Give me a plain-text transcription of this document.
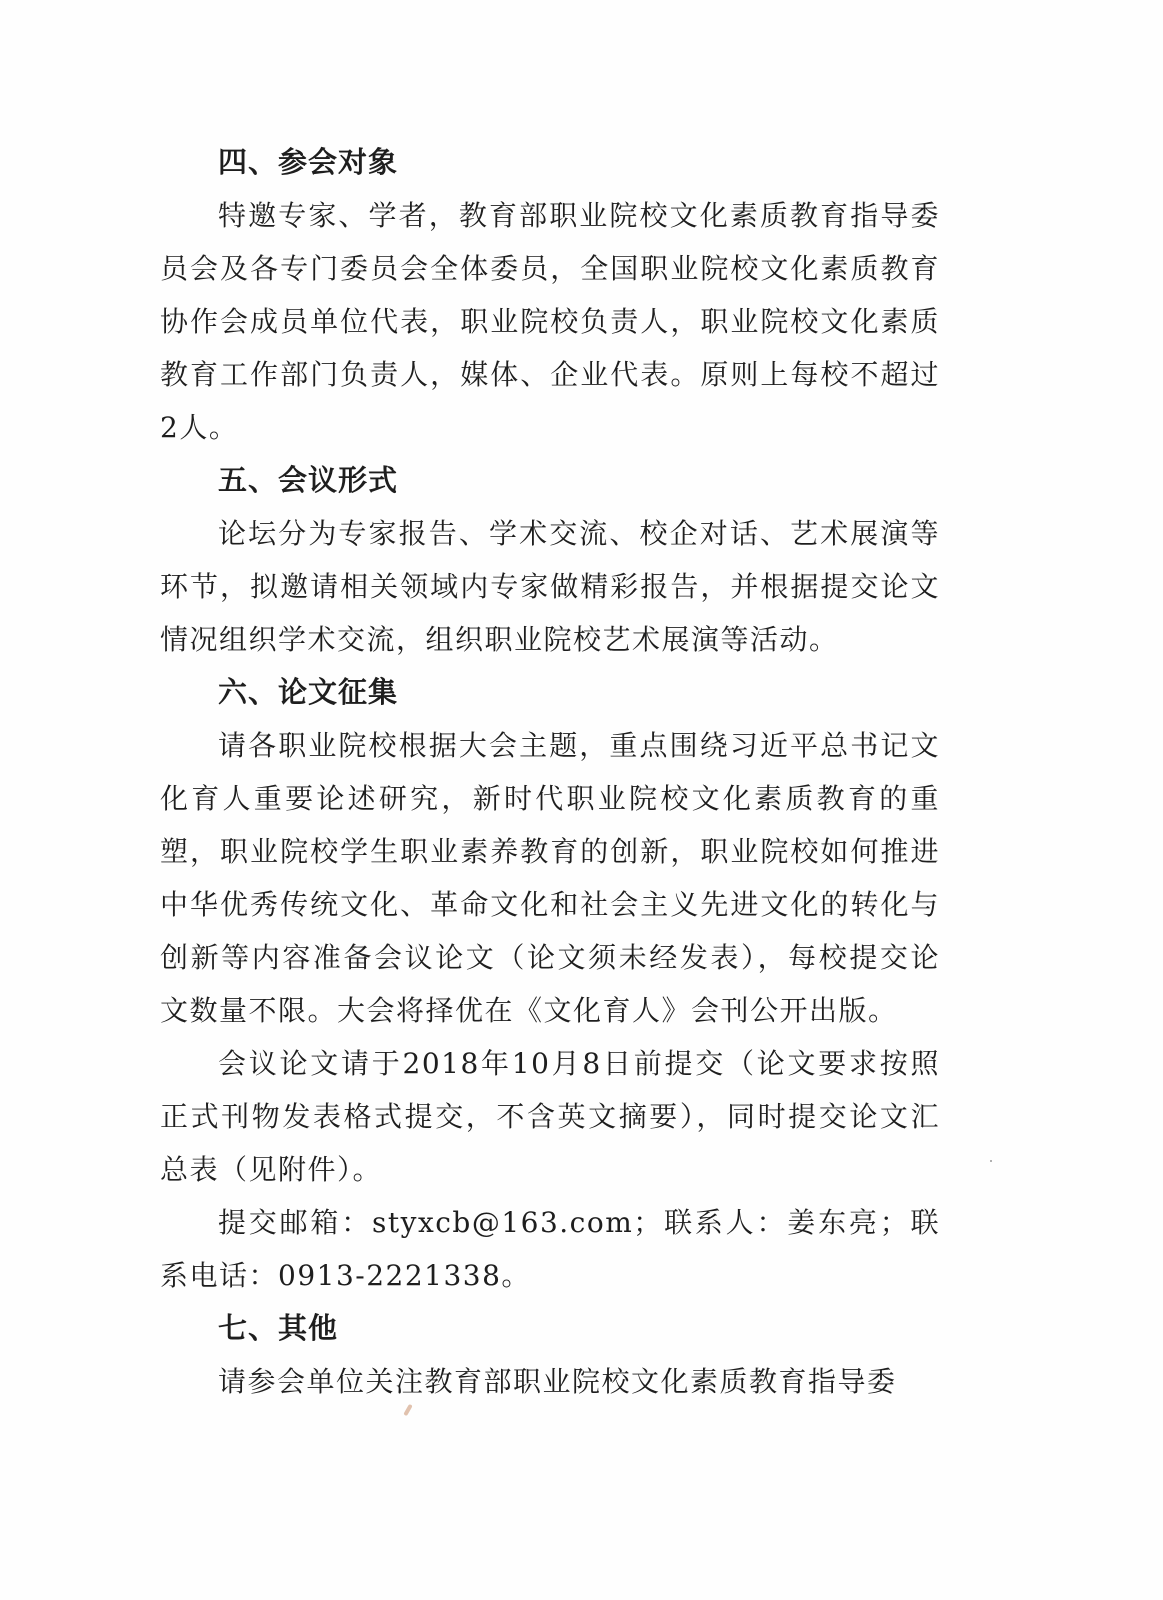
四、参会对象

特邀专家、学者，教育部职业院校文化素质教育指导委员会及各专门委员会全体委员，全国职业院校文化素质教育协作会成员单位代表，职业院校负责人，职业院校文化素质教育工作部门负责人，媒体、企业代表。原则上每校不超过2人。

五、会议形式

论坛分为专家报告、学术交流、校企对话、艺术展演等环节，拟邀请相关领域内专家做精彩报告，并根据提交论文情况组织学术交流，组织职业院校艺术展演等活动。

六、论文征集

请各职业院校根据大会主题，重点围绕习近平总书记文化育人重要论述研究，新时代职业院校文化素质教育的重塑，职业院校学生职业素养教育的创新，职业院校如何推进中华优秀传统文化、革命文化和社会主义先进文化的转化与创新等内容准备会议论文（论文须未经发表），每校提交论文数量不限。大会将择优在《文化育人》会刊公开出版。

会议论文请于2018年10月8日前提交（论文要求按照正式刊物发表格式提交，不含英文摘要），同时提交论文汇总表（见附件）。

提交邮箱：styxcb@163.com；联系人：姜东亮；联系电话：0913-2221338。

七、其他

请参会单位关注教育部职业院校文化素质教育指导委
